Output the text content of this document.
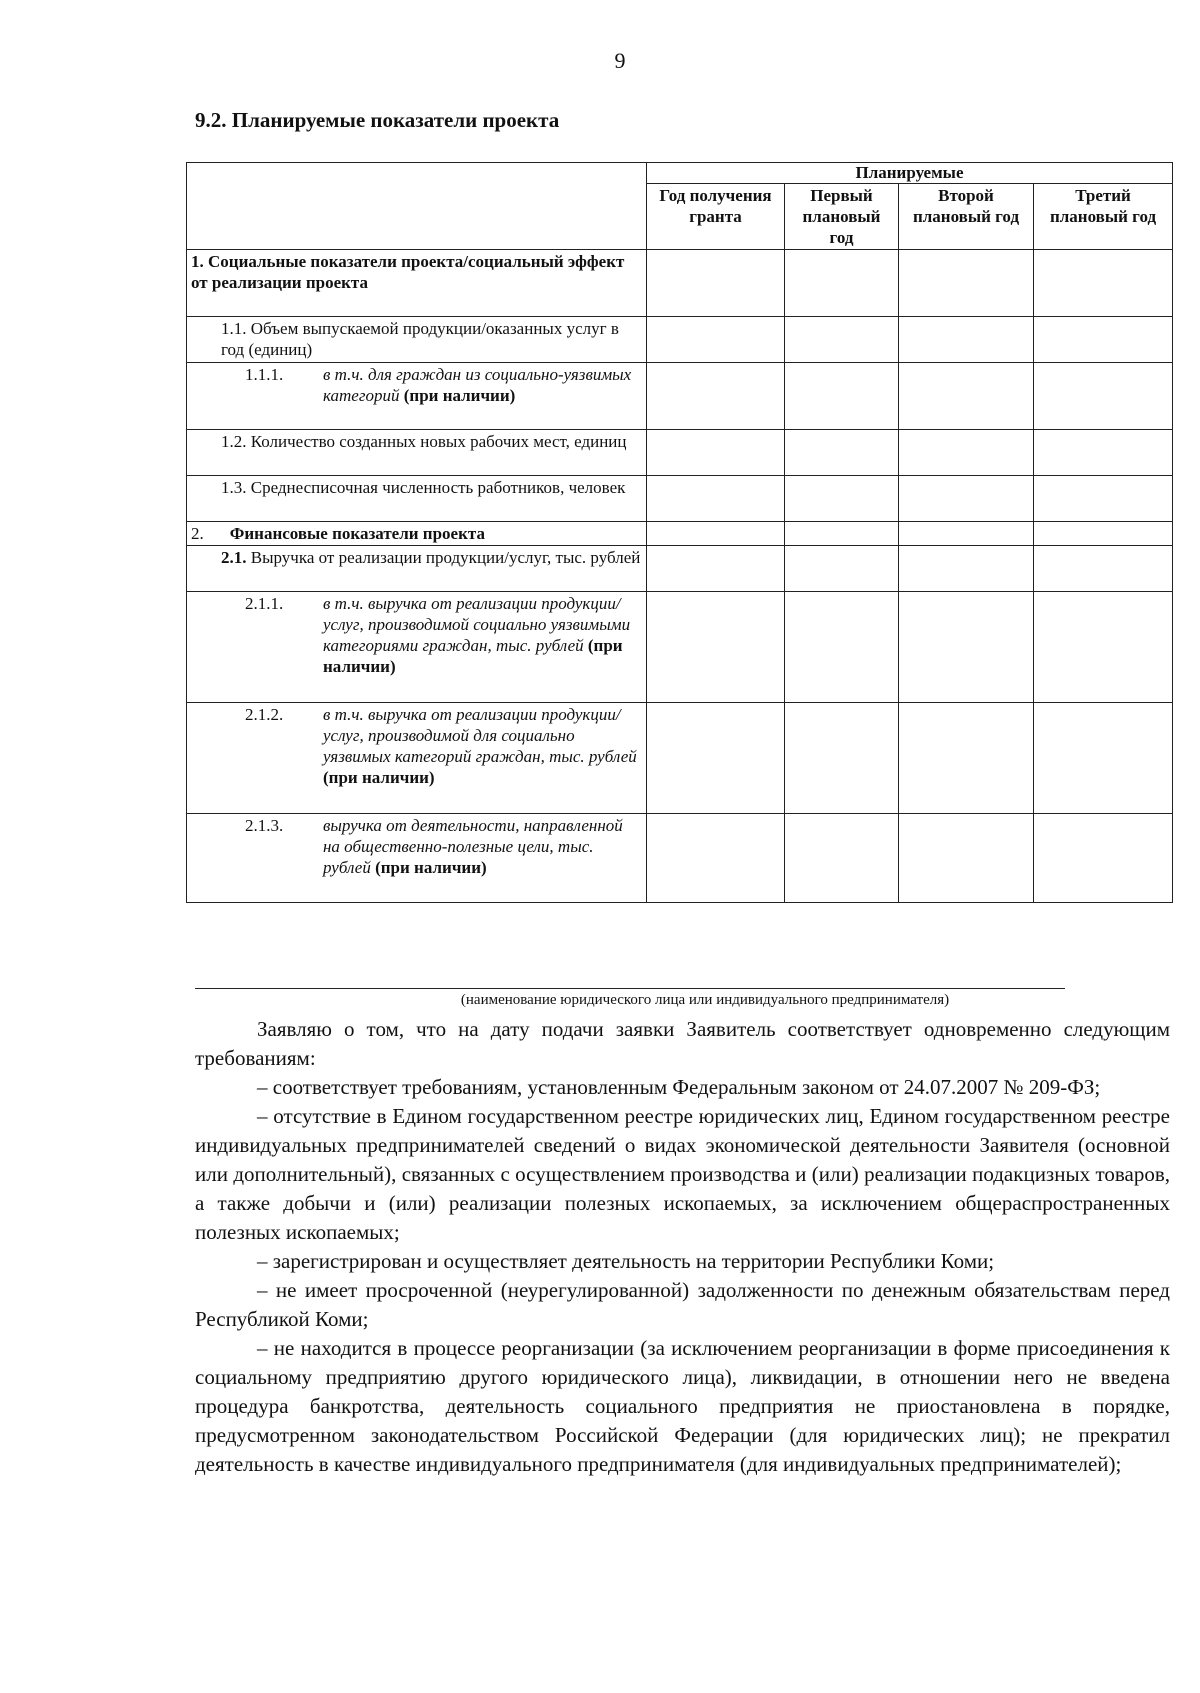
9
9.2. Планируемые показатели проекта
	Планируемые			
	Год получения гранта	Первый плановый год	Второй плановый год	Третий плановый год
1. Социальные показатели проекта/социальный эффект от реализации проекта				

1.1. Объем выпускаемой продукции/оказанных услуг в год (единиц)				

1.1.1. в т.ч. для граждан из социально-уязвимых категорий (при наличии)				

1.2. Количество созданных новых рабочих мест, единиц				

1.3. Среднесписочная численность работников, человек				

2. Финансовые показатели проекта				

2.1. Выручка от реализации продукции/услуг, тыс. рублей				

2.1.1. в т.ч. выручка от реализации продукции/услуг, производимой социально уязвимыми категориями граждан, тыс. рублей (при наличии)				

2.1.2. в т.ч. выручка от реализации продукции/услуг, производимой для социально уязвимых категорий граждан, тыс. рублей (при наличии)				

2.1.3. выручка от деятельности, направленной на общественно-полезные цели, тыс. рублей (при наличии)				

(наименование юридического лица или индивидуального предпринимателя)

Заявляю о том, что на дату подачи заявки Заявитель соответствует одновременно следующим требованиям:

– соответствует требованиям, установленным Федеральным законом от 24.07.2007 № 209-ФЗ;

– отсутствие в Едином государственном реестре юридических лиц, Едином государственном реестре индивидуальных предпринимателей сведений о видах экономической деятельности Заявителя (основной или дополнительный), связанных с осуществлением производства и (или) реализации подакцизных товаров, а также добычи и (или) реализации полезных ископаемых, за исключением общераспространенных полезных ископаемых;

– зарегистрирован и осуществляет деятельность на территории Республики Коми;

– не имеет просроченной (неурегулированной) задолженности по денежным обязательствам перед Республикой Коми;

– не находится в процессе реорганизации (за исключением реорганизации в форме присоединения к социальному предприятию другого юридического лица), ликвидации, в отношении него не введена процедура банкротства, деятельность социального предприятия не приостановлена в порядке, предусмотренном законодательством Российской Федерации (для юридических лиц); не прекратил деятельность в качестве индивидуального предпринимателя (для индивидуальных предпринимателей);
